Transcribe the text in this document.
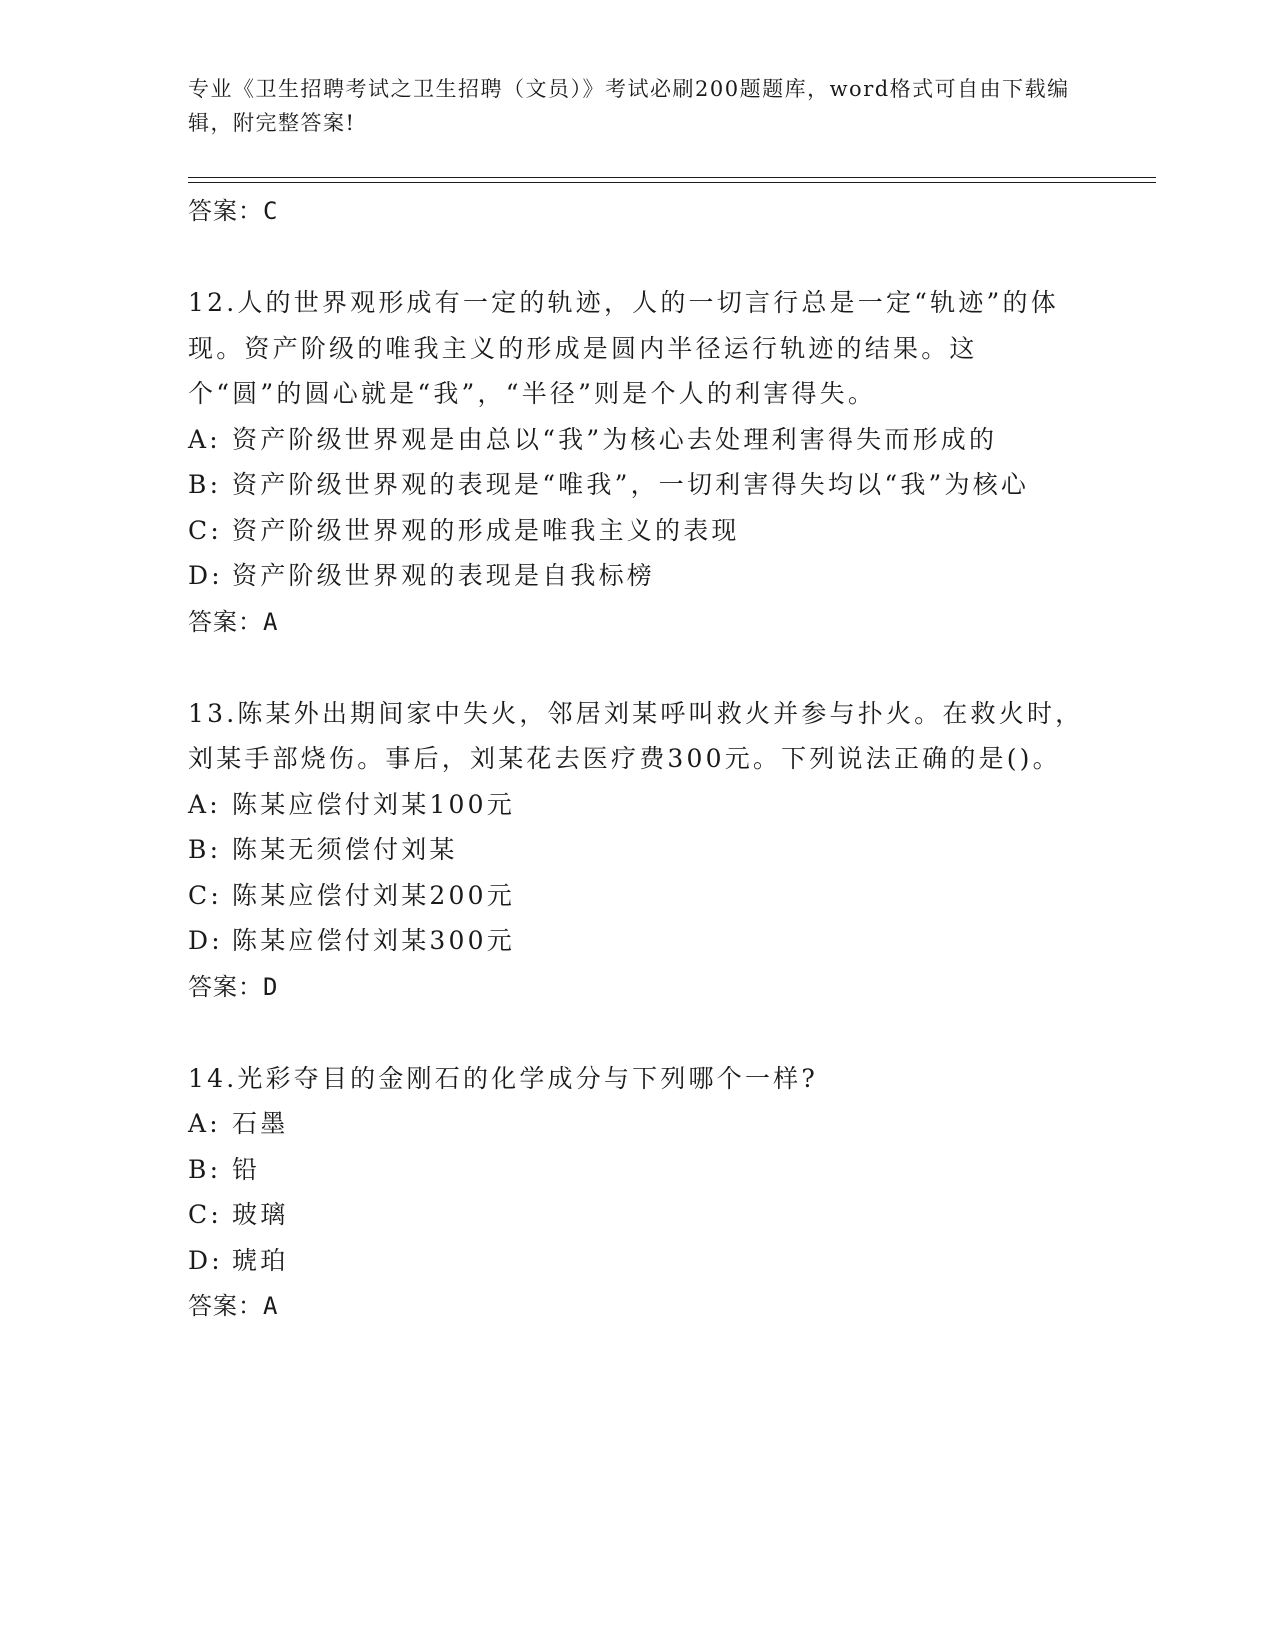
专业《卫生招聘考试之卫生招聘（文员）》考试必刷200题题库，word格式可自由下载编辑，附完整答案!

答案：C

12.人的世界观形成有一定的轨迹，人的一切言行总是一定“轨迹”的体现。资产阶级的唯我主义的形成是圆内半径运行轨迹的结果。这个“圆”的圆心就是“我”，“半径”则是个人的利害得失。

A: 资产阶级世界观是由总以“我”为核心去处理利害得失而形成的

B: 资产阶级世界观的表现是“唯我”，一切利害得失均以“我”为核心

C: 资产阶级世界观的形成是唯我主义的表现

D: 资产阶级世界观的表现是自我标榜

答案：A

13.陈某外出期间家中失火，邻居刘某呼叫救火并参与扑火。在救火时，刘某手部烧伤。事后，刘某花去医疗费300元。下列说法正确的是()。

A: 陈某应偿付刘某100元

B: 陈某无须偿付刘某

C: 陈某应偿付刘某200元

D: 陈某应偿付刘某300元

答案：D

14.光彩夺目的金刚石的化学成分与下列哪个一样?

A: 石墨

B: 铅

C: 玻璃

D: 琥珀

答案：A
